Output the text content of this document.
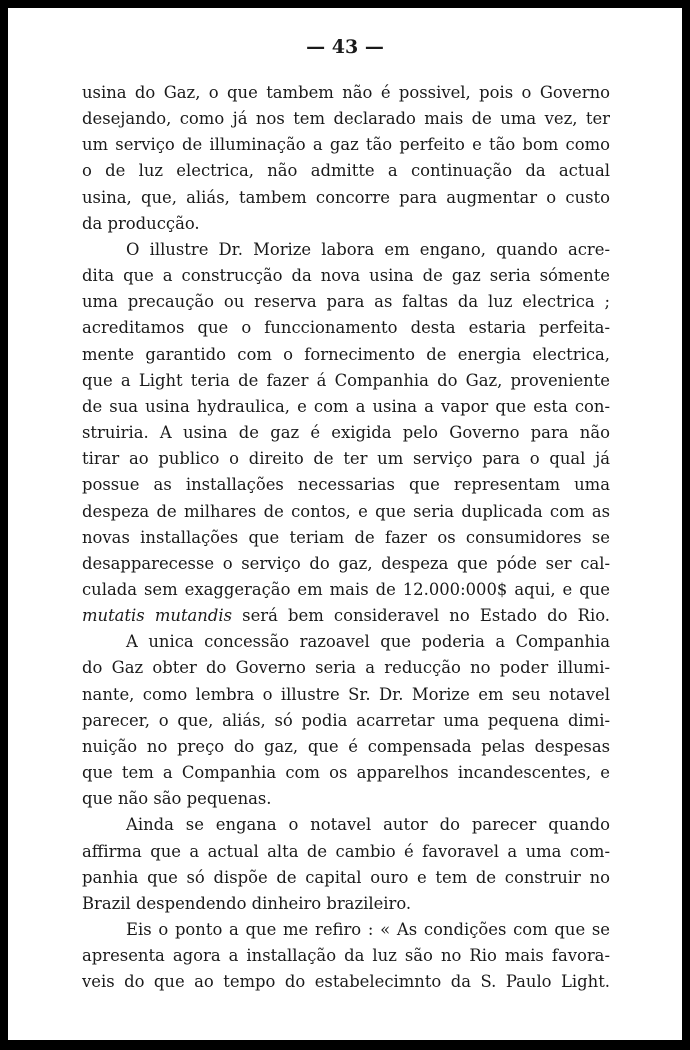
— 43 —

usina do Gaz, o que tambem não é possivel, pois o Governo
desejando, como já nos tem declarado mais de uma vez, ter
um serviço de illuminação a gaz tão perfeito e tão bom como
o de luz electrica, não admitte a continuação da actual
usina, que, aliás, tambem concorre para augmentar o custo
da producção.

O illustre Dr. Morize labora em engano, quando acre-
dita que a construcção da nova usina de gaz seria sómente
uma precaução ou reserva para as faltas da luz electrica ;
acreditamos que o funccionamento desta estaria perfeita-
mente garantido com o fornecimento de energia electrica,
que a Light teria de fazer á Companhia do Gaz, proveniente
de sua usina hydraulica, e com a usina a vapor que esta con-
struiria. A usina de gaz é exigida pelo Governo para não
tirar ao publico o direito de ter um serviço para o qual já
possue as installações necessarias que representam uma
despeza de milhares de contos, e que seria duplicada com as
novas installações que teriam de fazer os consumidores se
desapparecesse o serviço do gaz, despeza que póde ser cal-
culada sem exaggeração em mais de 12.000:000$ aqui, e que
mutatis mutandis será bem consideravel no Estado do Rio.

A unica concessão razoavel que poderia a Companhia
do Gaz obter do Governo seria a reducção no poder illumi-
nante, como lembra o illustre Sr. Dr. Morize em seu notavel
parecer, o que, aliás, só podia acarretar uma pequena dimi-
nuição no preço do gaz, que é compensada pelas despesas
que tem a Companhia com os apparelhos incandescentes, e
que não são pequenas.

Ainda se engana o notavel autor do parecer quando
affirma que a actual alta de cambio é favoravel a uma com-
panhia que só dispõe de capital ouro e tem de construir no
Brazil despendendo dinheiro brazileiro.

Eis o ponto a que me refiro : « As condições com que se
apresenta agora a installação da luz são no Rio mais favora-
veis do que ao tempo do estabelecimnto da S. Paulo Light.
